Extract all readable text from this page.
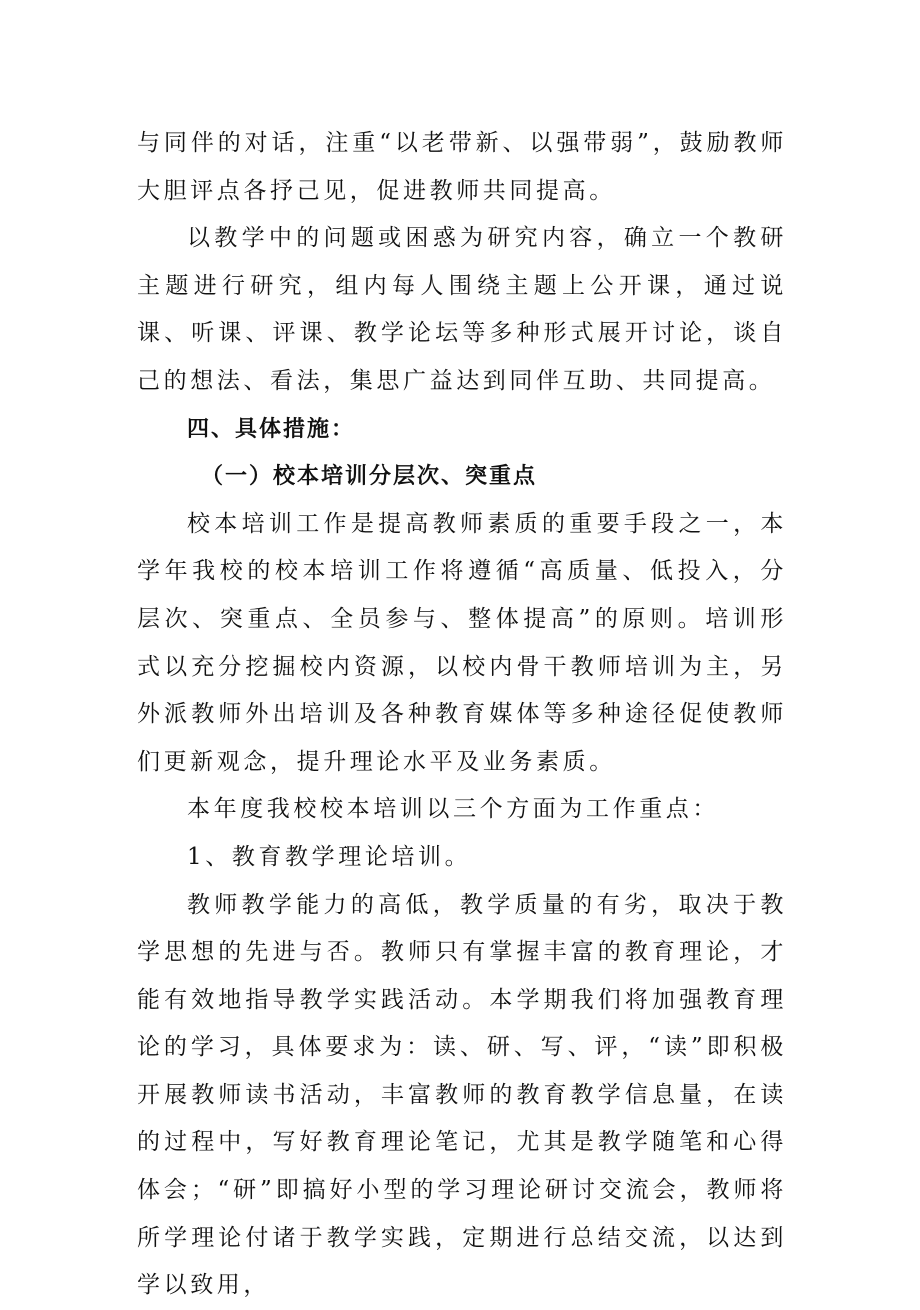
与同伴的对话，注重“以老带新、以强带弱”，鼓励教师大胆评点各抒己见，促进教师共同提高。

以教学中的问题或困惑为研究内容，确立一个教研主题进行研究，组内每人围绕主题上公开课，通过说课、听课、评课、教学论坛等多种形式展开讨论，谈自己的想法、看法，集思广益达到同伴互助、共同提高。

四、具体措施：

（一）校本培训分层次、突重点

校本培训工作是提高教师素质的重要手段之一，本学年我校的校本培训工作将遵循“高质量、低投入，分层次、突重点、全员参与、整体提高”的原则。培训形式以充分挖掘校内资源，以校内骨干教师培训为主，另外派教师外出培训及各种教育媒体等多种途径促使教师们更新观念，提升理论水平及业务素质。

本年度我校校本培训以三个方面为工作重点：

1、教育教学理论培训。

教师教学能力的高低，教学质量的有劣，取决于教学思想的先进与否。教师只有掌握丰富的教育理论，才能有效地指导教学实践活动。本学期我们将加强教育理论的学习，具体要求为：读、研、写、评，“读”即积极开展教师读书活动，丰富教师的教育教学信息量，在读的过程中，写好教育理论笔记，尤其是教学随笔和心得体会；“研”即搞好小型的学习理论研讨交流会，教师将所学理论付诸于教学实践，定期进行总结交流，以达到学以致用，
